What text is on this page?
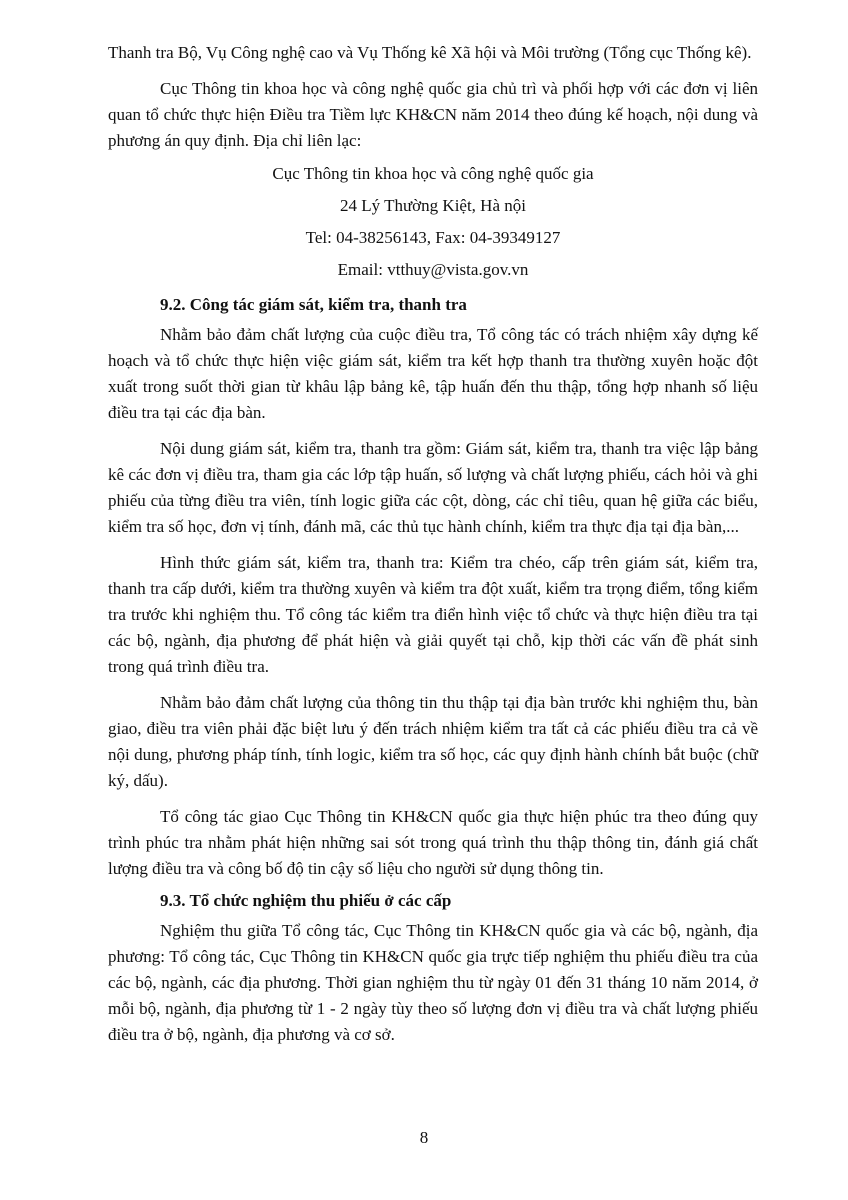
Thanh tra Bộ, Vụ Công nghệ cao và Vụ Thống kê Xã hội và Môi trường (Tổng cục Thống kê).

Cục Thông tin khoa học và công nghệ quốc gia chủ trì và phối hợp với các đơn vị liên quan tổ chức thực hiện Điều tra Tiềm lực KH&CN năm 2014 theo đúng kế hoạch, nội dung và phương án quy định. Địa chỉ liên lạc:

Cục Thông tin khoa học và công nghệ quốc gia

24 Lý Thường Kiệt, Hà nội

Tel: 04-38256143, Fax: 04-39349127

Email: vtthuy@vista.gov.vn

9.2. Công tác giám sát, kiểm tra, thanh tra

Nhằm bảo đảm chất lượng của cuộc điều tra, Tổ công tác có trách nhiệm xây dựng kế hoạch và tổ chức thực hiện việc giám sát, kiểm tra kết hợp thanh tra thường xuyên hoặc đột xuất trong suốt thời gian từ khâu lập bảng kê, tập huấn đến thu thập, tổng hợp nhanh số liệu điều tra tại các địa bàn.

Nội dung giám sát, kiểm tra, thanh tra gồm: Giám sát, kiểm tra, thanh tra việc lập bảng kê các đơn vị điều tra, tham gia các lớp tập huấn, số lượng và chất lượng phiếu, cách hỏi và ghi phiếu của từng điều tra viên, tính logic giữa các cột, dòng, các chỉ tiêu, quan hệ giữa các biểu, kiểm tra số học, đơn vị tính, đánh mã, các thủ tục hành chính, kiểm tra thực địa tại địa bàn,...

Hình thức giám sát, kiểm tra, thanh tra: Kiểm tra chéo, cấp trên giám sát, kiểm tra, thanh tra cấp dưới, kiểm tra thường xuyên và kiểm tra đột xuất, kiểm tra trọng điểm, tổng kiểm tra trước khi nghiệm thu. Tổ công tác kiểm tra điển hình việc tổ chức và thực hiện điều tra tại các bộ, ngành, địa phương để phát hiện và giải quyết tại chỗ, kịp thời các vấn đề phát sinh trong quá trình điều tra.

Nhằm bảo đảm chất lượng của thông tin thu thập tại địa bàn trước khi nghiệm thu, bàn giao, điều tra viên phải đặc biệt lưu ý đến trách nhiệm kiểm tra tất cả các phiếu điều tra cả về nội dung, phương pháp tính, tính logic, kiểm tra số học, các quy định hành chính bắt buộc (chữ ký, dấu).

Tổ công tác giao Cục Thông tin KH&CN quốc gia thực hiện phúc tra theo đúng quy trình phúc tra nhằm phát hiện những sai sót trong quá trình thu thập thông tin, đánh giá chất lượng điều tra và công bố độ tin cậy số liệu cho người sử dụng thông tin.

9.3. Tổ chức nghiệm thu phiếu ở các cấp

Nghiệm thu giữa Tổ công tác, Cục Thông tin KH&CN quốc gia và các bộ, ngành, địa phương: Tổ công tác, Cục Thông tin KH&CN quốc gia trực tiếp nghiệm thu phiếu điều tra của các bộ, ngành, các địa phương. Thời gian nghiệm thu từ ngày 01 đến 31 tháng 10 năm 2014, ở mỗi bộ, ngành, địa phương từ 1 - 2 ngày tùy theo số lượng đơn vị điều tra và chất lượng phiếu điều tra ở bộ, ngành, địa phương và cơ sở.

8
